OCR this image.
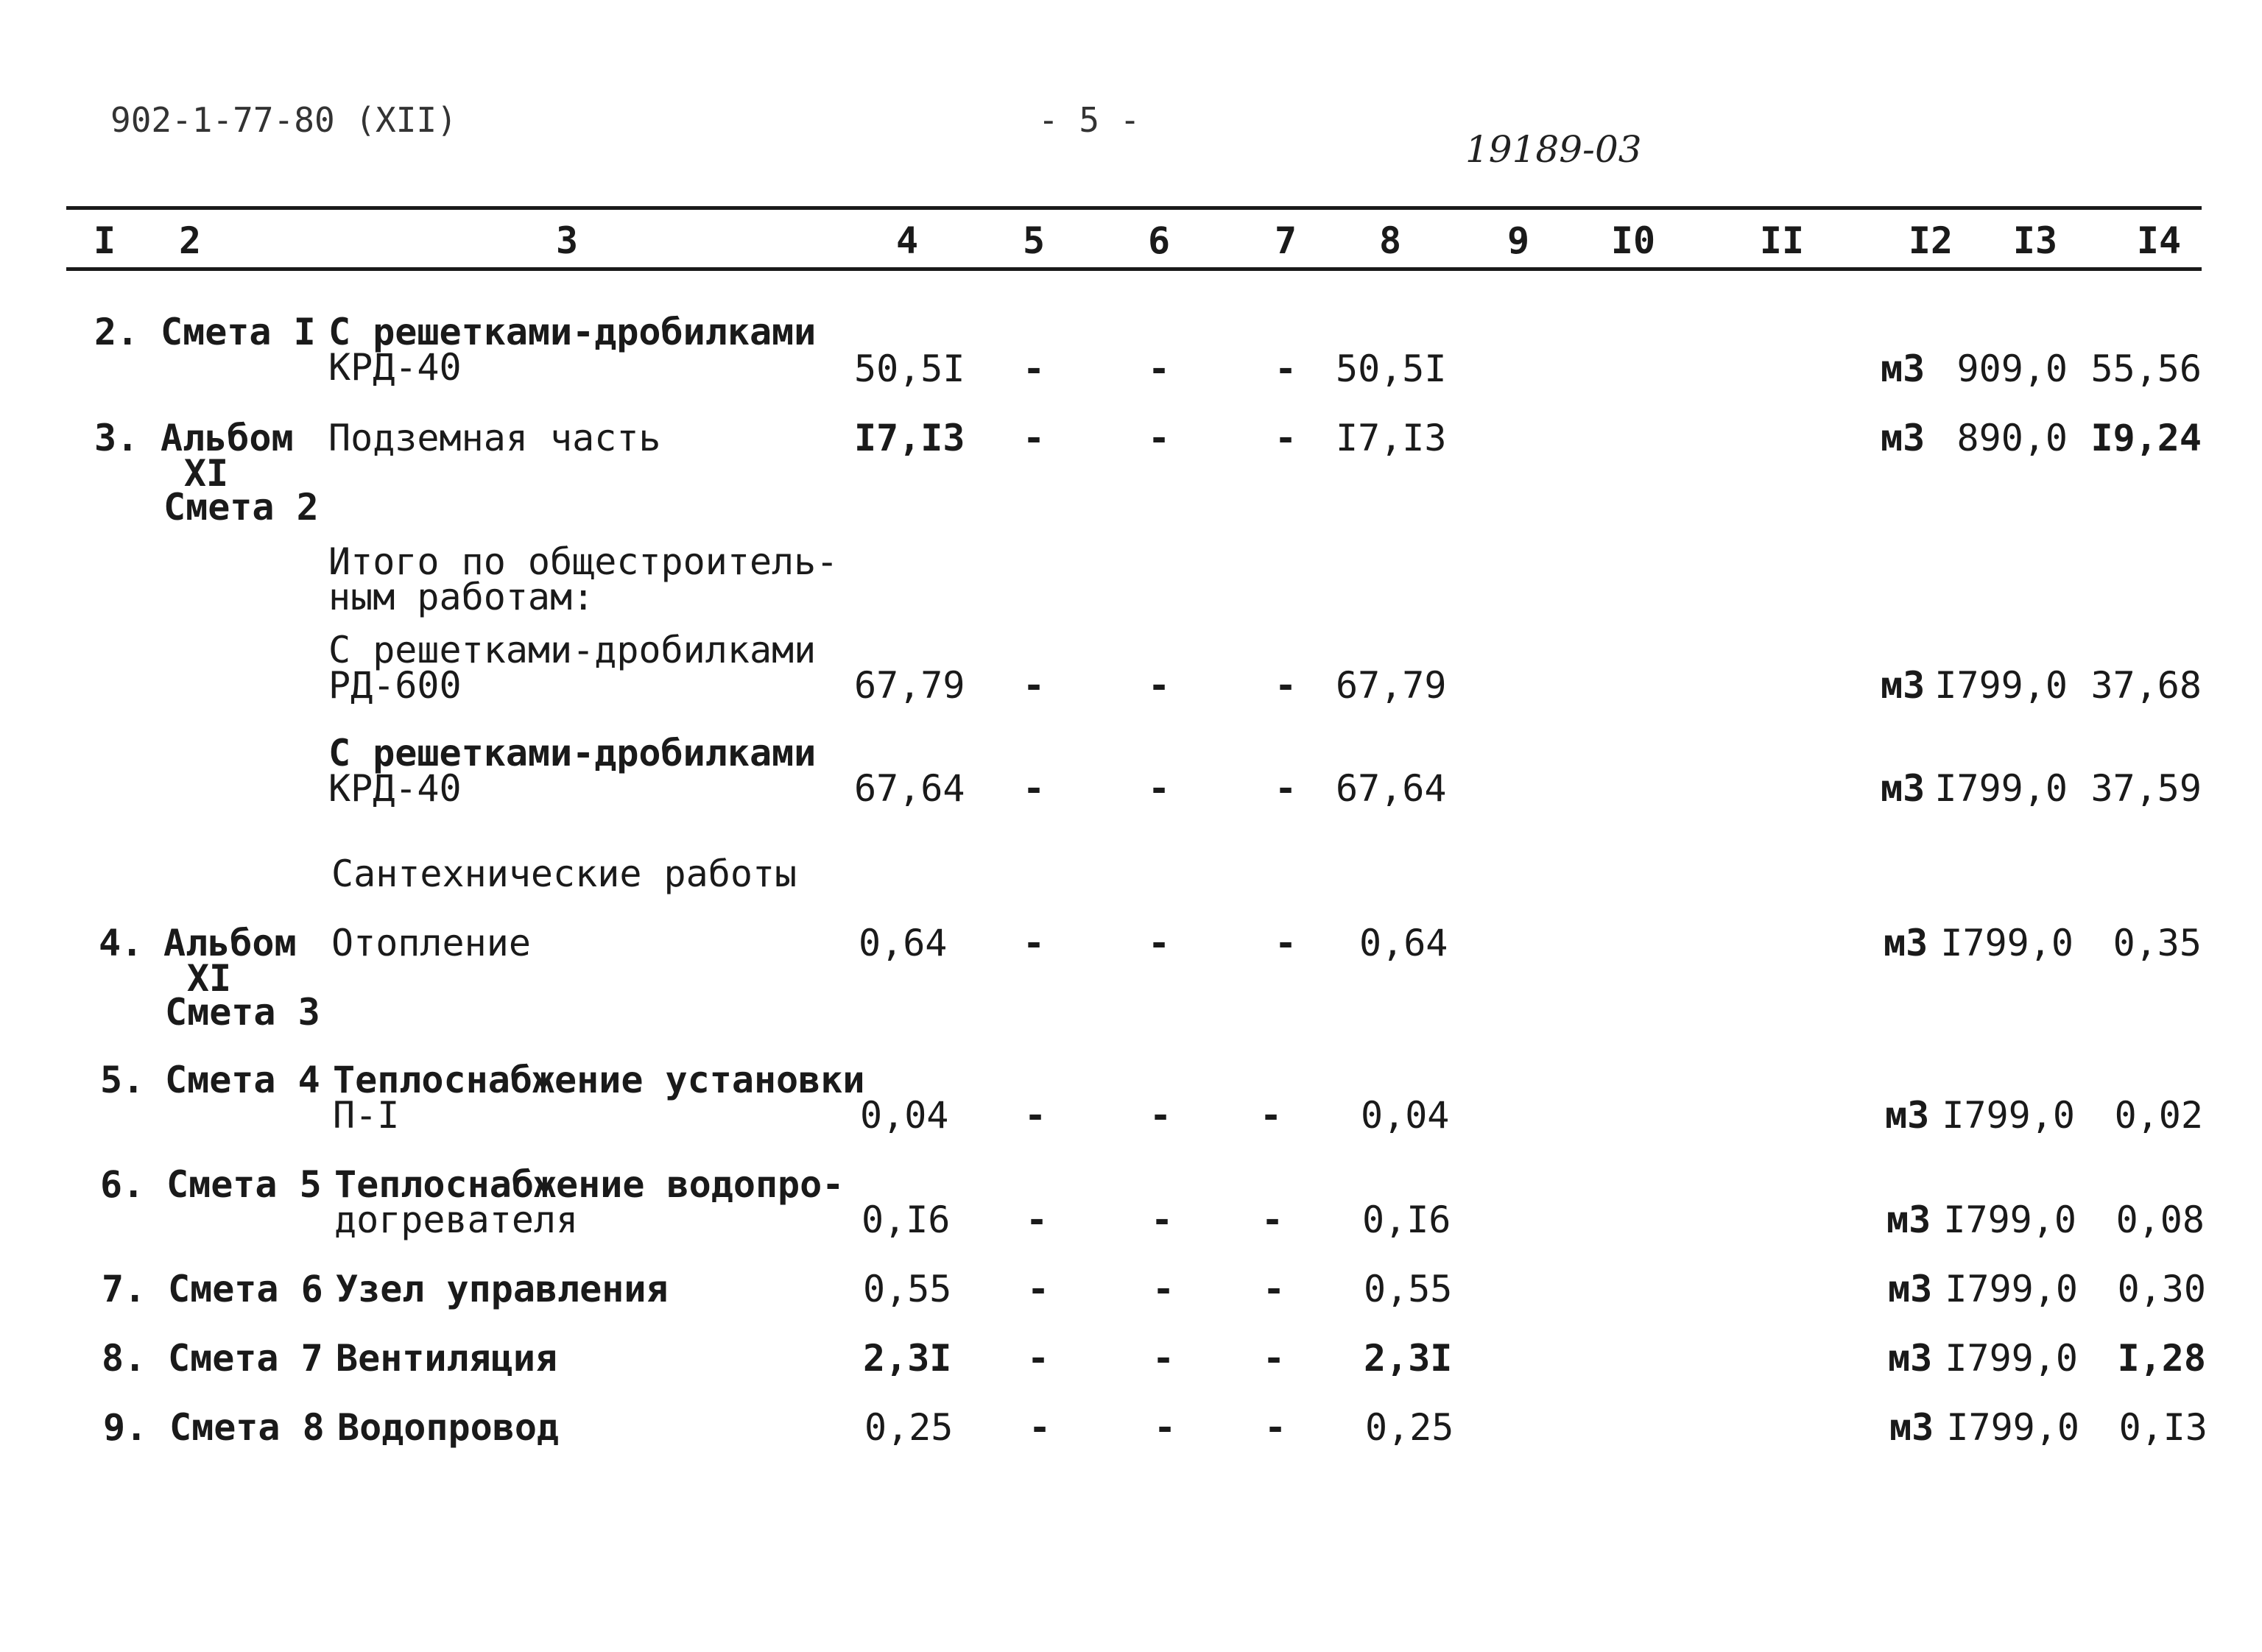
902-1-77-80 (XII)	- 5 -
19189-03
I 2	3	4	5	6	7 8	9 I0	II	I2 I3 I4
2. Смета I С решетками-дробилками
КРД-40	50,5I -	-	- 50,5I	м3 909,0 55,56
3. Альбом
XI
Смета 2
Подземная часть	I7,I3 -	-	- I7,I3	м3 890,0 I9,24
Итого по общестроитель-
ным работам:
С решетками-дробилками
РД-600	67,79 -	-	- 67,79	м3 I799,0 37,68
С решетками-дробилками
КРД-40	67,64 -	-	- 67,64	м3 I799,0 37,59
Сантехнические работы
4. Альбом
XI
Смета 3
Отопление	0,64 -	-	- 0,64	м3 I799,0 0,35
5. Смета 4 Теплоснабжение установки
П-I	0,04 -	- - 0,04	м3 I799,0 0,02
6. Смета 5 Теплоснабжение водопро-
догревателя	0,I6 -	- - 0,I6	м3 I799,0 0,08
7. Смета 6 Узел управления	0,55 -	- - 0,55	м3 I799,0 0,30
8. Смета 7 Вентиляция	2,3I -	- - 2,3I	м3 I799,0 I,28
9. Смета 8 Водопровод	0,25 -	- - 0,25	м3 I799,0 0,I3
